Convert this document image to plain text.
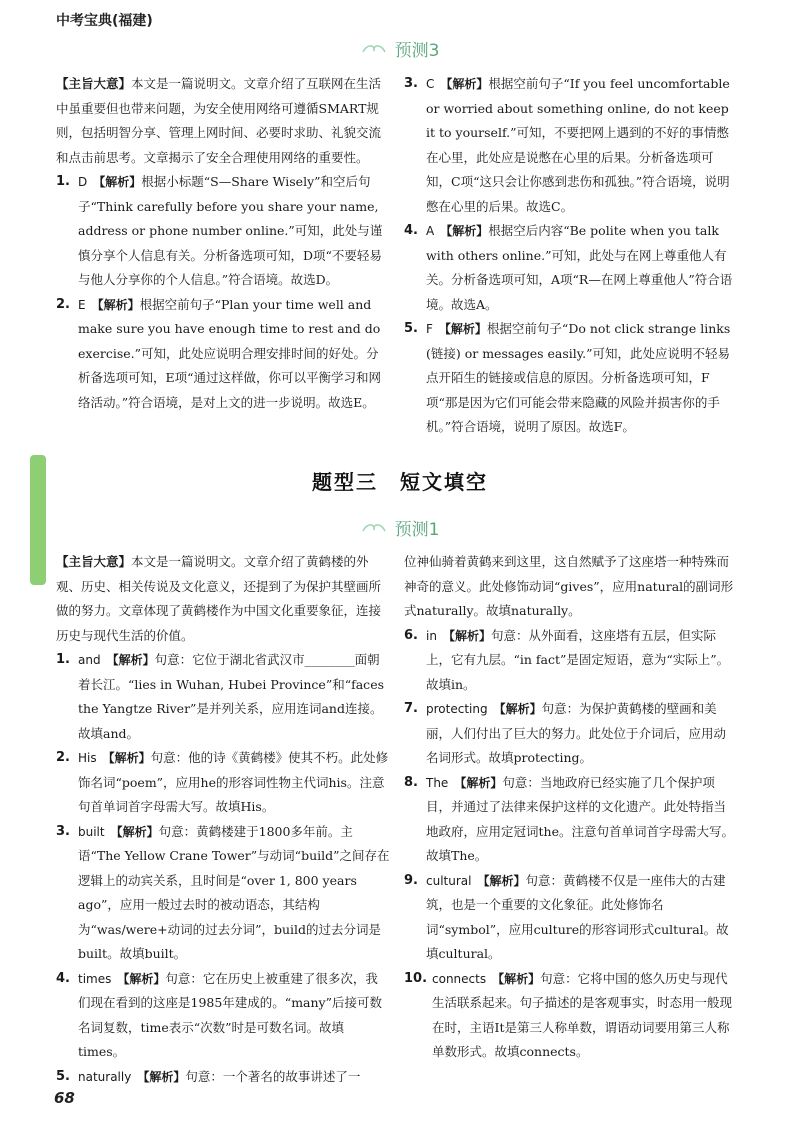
中考宝典(福建)
预测3

【主旨大意】本文是一篇说明文。文章介绍了互联网在生活中虽重要但也带来问题，为安全使用网络可遵循SMART规则，包括明智分享、管理上网时间、必要时求助、礼貌交流和点击前思考。文章揭示了安全合理使用网络的重要性。

1. D 【解析】根据小标题“S—Share Wisely”和空后句子“Think carefully before you share your name, address or phone number online.”可知，此处与谨慎分享个人信息有关。分析备选项可知，D项“不要轻易与他人分享你的个人信息。”符合语境。故选D。
2. E 【解析】根据空前句子“Plan your time well and make sure you have enough time to rest and do exercise.”可知，此处应说明合理安排时间的好处。分析备选项可知，E项“通过这样做，你可以平衡学习和网络活动。”符合语境，是对上文的进一步说明。故选E。
3. C 【解析】根据空前句子“If you feel uncomfortable or worried about something online, do not keep it to yourself.”可知，不要把网上遇到的不好的事情憋在心里，此处应是说憋在心里的后果。分析备选项可知，C项“这只会让你感到悲伤和孤独。”符合语境，说明憋在心里的后果。故选C。
4. A 【解析】根据空后内容“Be polite when you talk with others online.”可知，此处与在网上尊重他人有关。分析备选项可知，A项“R—在网上尊重他人”符合语境。故选A。
5. F 【解析】根据空前句子“Do not click strange links (链接) or messages easily.”可知，此处应说明不轻易点开陌生的链接或信息的原因。分析备选项可知，F项“那是因为它们可能会带来隐藏的风险并损害你的手机。”符合语境，说明了原因。故选F。
题型三　短文填空
预测1

【主旨大意】本文是一篇说明文。文章介绍了黄鹤楼的外观、历史、相关传说及文化意义，还提到了为保护其壁画所做的努力。文章体现了黄鹤楼作为中国文化重要象征，连接历史与现代生活的价值。

1. and 【解析】句意：它位于湖北省武汉市________面朝着长江。“lies in Wuhan, Hubei Province”和“faces the Yangtze River”是并列关系，应用连词and连接。故填and。
2. His 【解析】句意：他的诗《黄鹤楼》使其不朽。此处修饰名词“poem”，应用he的形容词性物主代词his。注意句首单词首字母需大写。故填His。
3. built 【解析】句意：黄鹤楼建于1800多年前。主语“The Yellow Crane Tower”与动词“build”之间存在逻辑上的动宾关系，且时间是“over 1, 800 years ago”，应用一般过去时的被动语态，其结构为“was/were+动词的过去分词”，build的过去分词是built。故填built。
4. times 【解析】句意：它在历史上被重建了很多次，我们现在看到的这座是1985年建成的。“many”后接可数名词复数，time表示“次数”时是可数名词。故填times。
5. naturally 【解析】句意：一个著名的故事讲述了一

位神仙骑着黄鹤来到这里，这自然赋予了这座塔一种特殊而神奇的意义。此处修饰动词“gives”，应用natural的副词形式naturally。故填naturally。

6. in 【解析】句意：从外面看，这座塔有五层，但实际上，它有九层。“in fact”是固定短语，意为“实际上”。故填in。
7. protecting 【解析】句意：为保护黄鹤楼的壁画和美丽，人们付出了巨大的努力。此处位于介词后，应用动名词形式。故填protecting。
8. The 【解析】句意：当地政府已经实施了几个保护项目，并通过了法律来保护这样的文化遗产。此处特指当地政府，应用定冠词the。注意句首单词首字母需大写。故填The。
9. cultural 【解析】句意：黄鹤楼不仅是一座伟大的古建筑，也是一个重要的文化象征。此处修饰名词“symbol”，应用culture的形容词形式cultural。故填cultural。
10. connects 【解析】句意：它将中国的悠久历史与现代生活联系起来。句子描述的是客观事实，时态用一般现在时，主语It是第三人称单数，谓语动词要用第三人称单数形式。故填connects。
68
